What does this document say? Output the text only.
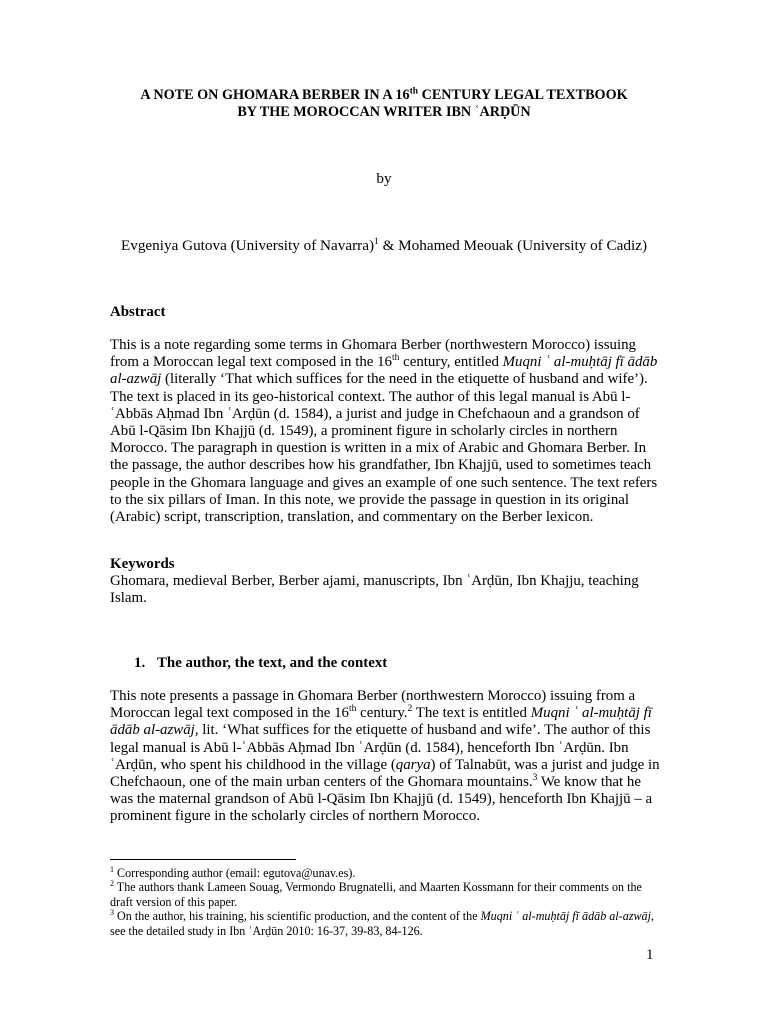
A NOTE ON GHOMARA BERBER IN A 16th CENTURY LEGAL TEXTBOOK
BY THE MOROCCAN WRITER IBN ʿARḌŪN
by
Evgeniya Gutova (University of Navarra)$^1$ & Mohamed Meouak (University of Cadiz)
Abstract

This is a note regarding some terms in Ghomara Berber (northwestern Morocco) issuing from a Moroccan legal text composed in the 16th century, entitled Muqni ʿ al-muḥtāj fī ādāb al-azwāj (literally ‘That which suffices for the need in the etiquette of husband and wife’). The text is placed in its geo-historical context. The author of this legal manual is Abū l-ʿAbbās Aḥmad Ibn ʿArḍūn (d. 1584), a jurist and judge in Chefchaoun and a grandson of Abū l-Qāsim Ibn Khajjū (d. 1549), a prominent figure in scholarly circles in northern Morocco. The paragraph in question is written in a mix of Arabic and Ghomara Berber. In the passage, the author describes how his grandfather, Ibn Khajjū, used to sometimes teach people in the Ghomara language and gives an example of one such sentence. The text refers to the six pillars of Iman. In this note, we provide the passage in question in its original (Arabic) script, transcription, translation, and commentary on the Berber lexicon.

Keywords
Ghomara, medieval Berber, Berber ajami, manuscripts, Ibn ʿArḍūn, Ibn Khajju, teaching Islam.
1. The author, the text, and the context

This note presents a passage in Ghomara Berber (northwestern Morocco) issuing from a Moroccan legal text composed in the 16th century.$^2$ The text is entitled Muqni ʿ al-muḥtāj fī ādāb al-azwāj, lit. ‘What suffices for the etiquette of husband and wife’. The author of this legal manual is Abū l-ʿAbbās Aḥmad Ibn ʿArḍūn (d. 1584), henceforth Ibn ʿArḍūn. Ibn ʿArḍūn, who spent his childhood in the village (qarya) of Talnabūt, was a jurist and judge in Chefchaoun, one of the main urban centers of the Ghomara mountains.$^3$ We know that he was the maternal grandson of Abū l-Qāsim Ibn Khajjū (d. 1549), henceforth Ibn Khajjū – a prominent figure in the scholarly circles of northern Morocco.

$^1$ Corresponding author (email: egutova@unav.es).

$^2$ The authors thank Lameen Souag, Vermondo Brugnatelli, and Maarten Kossmann for their comments on the draft version of this paper.

$^3$ On the author, his training, his scientific production, and the content of the Muqni ʿ al-muḥtāj fī ādāb al-azwāj, see the detailed study in Ibn ʿArḍūn 2010: 16-37, 39-83, 84-126.

1
